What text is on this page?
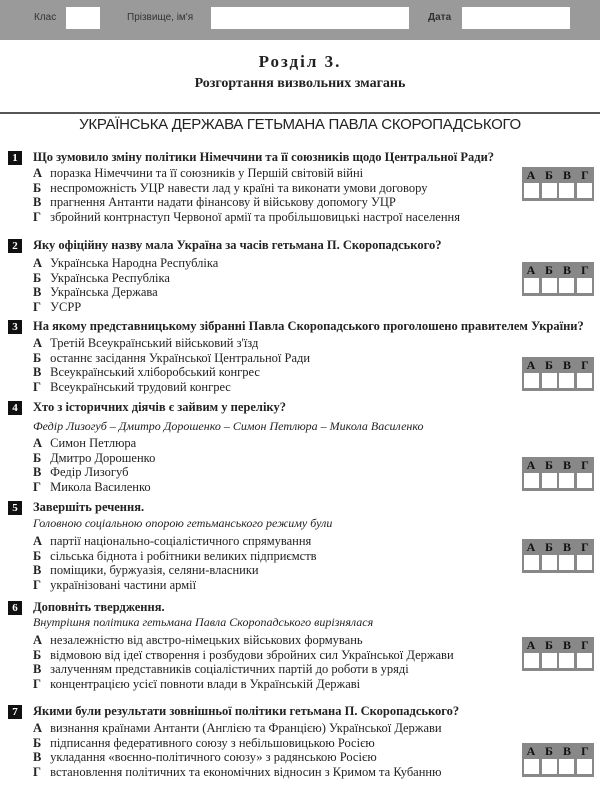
Клас	Прізвище, ім'я	Дата
Розділ 3.
Розгортання визвольних змагань
УКРАЇНСЬКА ДЕРЖАВА ГЕТЬМАНА ПАВЛА СКОРОПАДСЬКОГО
1	Що зумовило зміну політики Німеччини та її союзників щодо Центральної Ради?
А поразка Німеччини та її союзників у Першій світовій війні
Б неспроможність УЦР навести лад у країні та виконати умови договору
В прагнення Антанти надати фінансову й військову допомогу УЦР
Г збройний контрнаступ Червоної армії та пробільшовицькі настрої населення
А Б В Г
2	Яку офіційну назву мала Україна за часів гетьмана П. Скоропадського?
А Українська Народна Республіка
Б Українська Республіка
В Українська Держава
Г УСРР
А Б В Г
3	На якому представницькому зібранні Павла Скоропадського проголошено правителем України?
А Третій Всеукраїнський військовий з'їзд
Б останнє засідання Української Центральної Ради
В Всеукраїнський хліборобський конгрес
Г Всеукраїнський трудовий конгрес
А Б В Г
4	Хто з історичних діячів є зайвим у переліку?
Федір Лизогуб – Дмитро Дорошенко – Симон Петлюра – Микола Василенко
А Симон Петлюра
Б Дмитро Дорошенко
В Федір Лизогуб
Г Микола Василенко
А Б В Г
5	Завершіть речення.
Головною соціальною опорою гетьманського режиму були
А партії національно-соціалістичного спрямування
Б сільська біднота і робітники великих підприємств
В поміщики, буржуазія, селяни-власники
Г українізовані частини армії
А Б В Г
6	Доповніть твердження.
Внутрішня політика гетьмана Павла Скоропадського вирізнялася
А незалежністю від австро-німецьких військових формувань
Б відмовою від ідеї створення і розбудови збройних сил Української Держави
В залученням представників соціалістичних партій до роботи в уряді
Г концентрацією усієї повноти влади в Українській Державі
А Б В Г
7	Якими були результати зовнішньої політики гетьмана П. Скоропадського?
А визнання країнами Антанти (Англією та Францією) Української Держави
Б підписання федеративного союзу з небільшовицькою Росією
В укладання «воєнно-політичного союзу» з радянською Росією
Г встановлення політичних та економічних відносин з Кримом та Кубанню
А Б В Г
